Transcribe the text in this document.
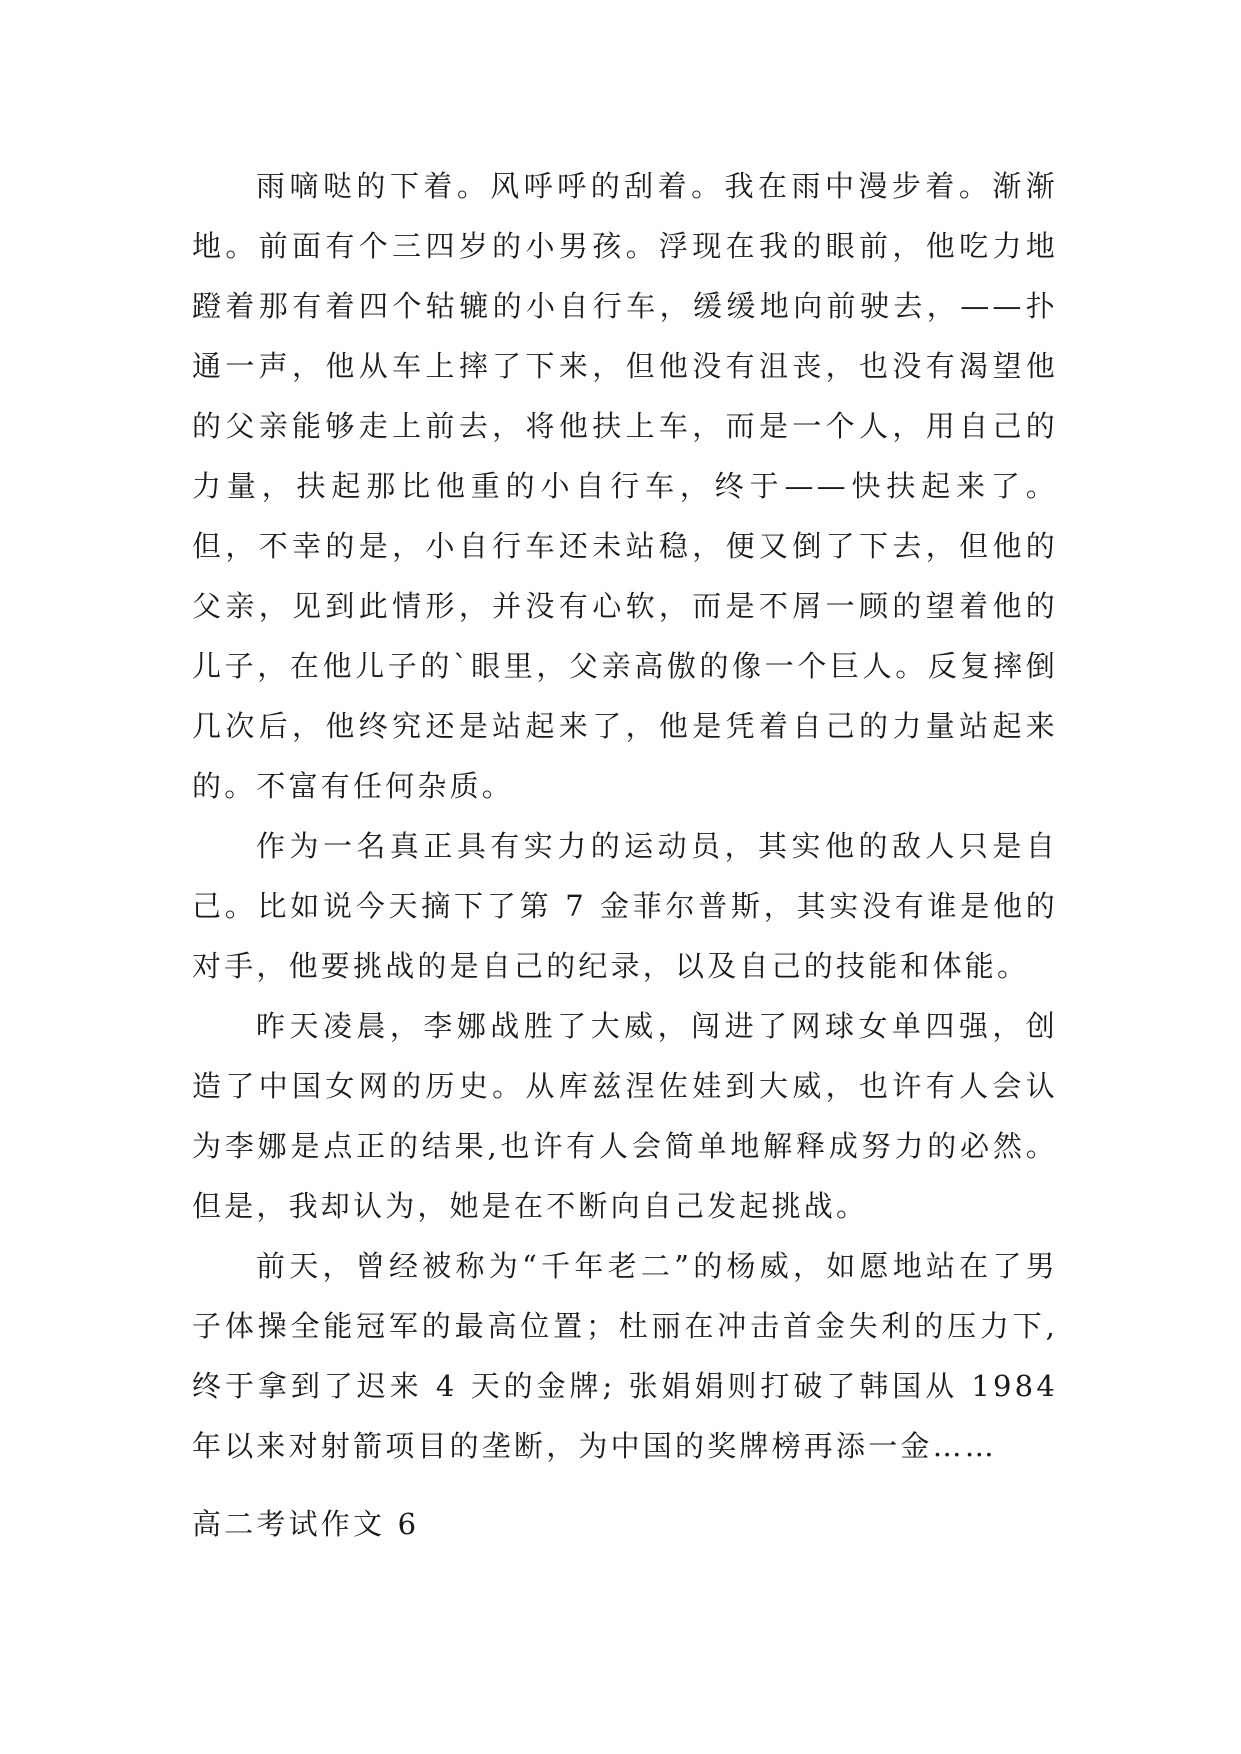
雨嘀哒的下着。风呼呼的刮着。我在雨中漫步着。渐渐地。前面有个三四岁的小男孩。浮现在我的眼前，他吃力地蹬着那有着四个轱辘的小自行车，缓缓地向前驶去，——扑通一声，他从车上摔了下来，但他没有沮丧，也没有渴望他的父亲能够走上前去，将他扶上车，而是一个人，用自己的力量，扶起那比他重的小自行车，终于——快扶起来了。但，不幸的是，小自行车还未站稳，便又倒了下去，但他的父亲，见到此情形，并没有心软，而是不屑一顾的望着他的儿子，在他儿子的`眼里，父亲高傲的像一个巨人。反复摔倒几次后，他终究还是站起来了，他是凭着自己的力量站起来的。不富有任何杂质。

作为一名真正具有实力的运动员，其实他的敌人只是自己。比如说今天摘下了第 7 金菲尔普斯，其实没有谁是他的对手，他要挑战的是自己的纪录，以及自己的技能和体能。

昨天凌晨，李娜战胜了大威，闯进了网球女单四强，创造了中国女网的历史。从库兹涅佐娃到大威，也许有人会认为李娜是点正的结果,也许有人会简单地解释成努力的必然。但是，我却认为，她是在不断向自己发起挑战。

前天，曾经被称为“千年老二”的杨威，如愿地站在了男子体操全能冠军的最高位置；杜丽在冲击首金失利的压力下,终于拿到了迟来 4 天的金牌; 张娟娟则打破了韩国从 1984 年以来对射箭项目的垄断，为中国的奖牌榜再添一金……

高二考试作文 6
